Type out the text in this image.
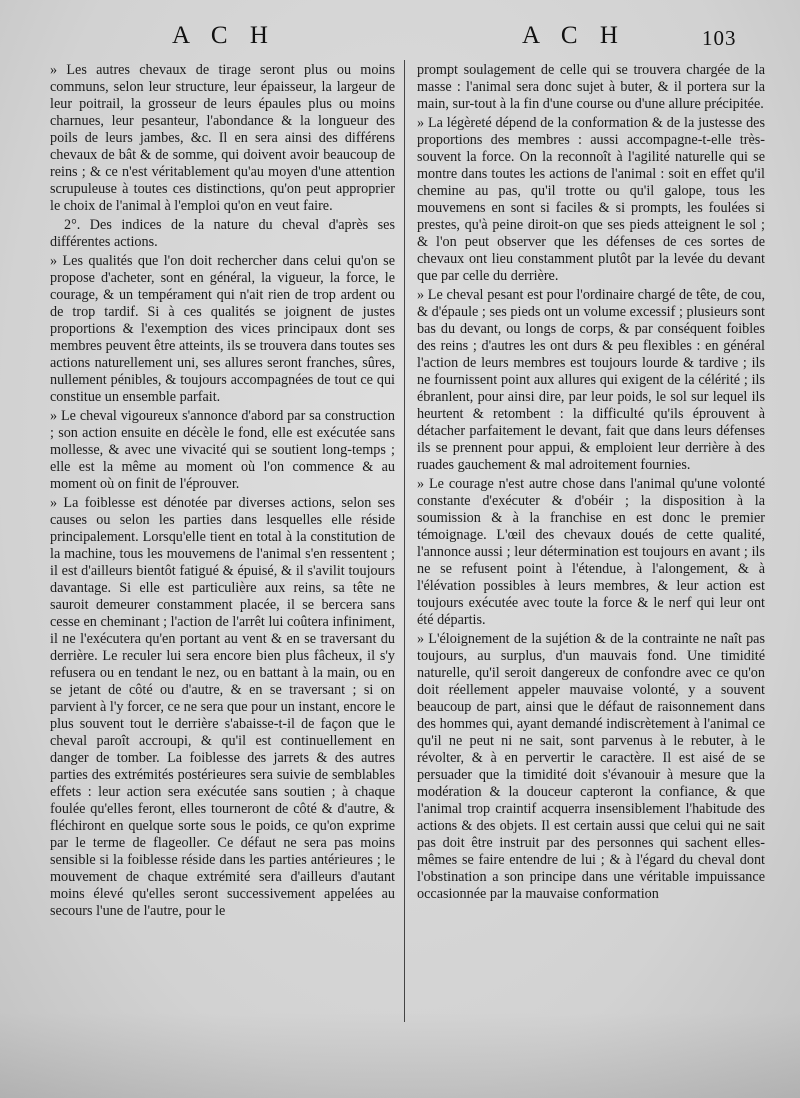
A C H	A C H	103

» Les autres chevaux de tirage seront plus ou moins communs, selon leur structure, leur épaisseur, la largeur de leur poitrail, la grosseur de leurs épaules plus ou moins charnues, leur pesanteur, l'abondance & la longueur des poils de leurs jambes, &c. Il en sera ainsi des différens chevaux de bât & de somme, qui doivent avoir beaucoup de reins ; & ce n'est véritablement qu'au moyen d'une attention scrupuleuse à toutes ces distinctions, qu'on peut approprier le choix de l'animal à l'emploi qu'on en veut faire.

2°. Des indices de la nature du cheval d'après ses différentes actions.

» Les qualités que l'on doit rechercher dans celui qu'on se propose d'acheter, sont en général, la vigueur, la force, le courage, & un tempérament qui n'ait rien de trop ardent ou de trop tardif. Si à ces qualités se joignent de justes proportions & l'exemption des vices principaux dont ses membres peuvent être atteints, ils se trouvera dans toutes ses actions naturellement uni, ses allures seront franches, sûres, nullement pénibles, & toujours accompagnées de tout ce qui constitue un ensemble parfait.

» Le cheval vigoureux s'annonce d'abord par sa construction ; son action ensuite en décèle le fond, elle est exécutée sans mollesse, & avec une vivacité qui se soutient long-temps ; elle est la même au moment où l'on commence & au moment où on finit de l'éprouver.

» La foiblesse est dénotée par diverses actions, selon ses causes ou selon les parties dans lesquelles elle réside principalement. Lorsqu'elle tient en total à la constitution de la machine, tous les mouvemens de l'animal s'en ressentent ; il est d'ailleurs bientôt fatigué & épuisé, & il s'avilit toujours davantage. Si elle est particulière aux reins, sa tête ne sauroit demeurer constamment placée, il se bercera sans cesse en cheminant ; l'action de l'arrêt lui coûtera infiniment, il ne l'exécutera qu'en portant au vent & en se traversant du derrière. Le reculer lui sera encore bien plus fâcheux, il s'y refusera ou en tendant le nez, ou en battant à la main, ou en se jetant de côté ou d'autre, & en se traversant ; si on parvient à l'y forcer, ce ne sera que pour un instant, encore le plus souvent tout le derrière s'abaisse-t-il de façon que le cheval paroît accroupi, & qu'il est continuellement en danger de tomber. La foiblesse des jarrets & des autres parties des extrémités postérieures sera suivie de semblables effets : leur action sera exécutée sans soutien ; à chaque foulée qu'elles feront, elles tourneront de côté & d'autre, & fléchiront en quelque sorte sous le poids, ce qu'on exprime par le terme de flageoller. Ce défaut ne sera pas moins sensible si la foiblesse réside dans les parties antérieures ; le mouvement de chaque extrémité sera d'ailleurs d'autant moins élevé qu'elles seront successivement appelées au secours l'une de l'autre, pour le

prompt soulagement de celle qui se trouvera chargée de la masse : l'animal sera donc sujet à buter, & il portera sur la main, sur-tout à la fin d'une course ou d'une allure précipitée.

» La légèreté dépend de la conformation & de la justesse des proportions des membres : aussi accompagne-t-elle très-souvent la force. On la reconnoît à l'agilité naturelle qui se montre dans toutes les actions de l'animal : soit en effet qu'il chemine au pas, qu'il trotte ou qu'il galope, tous les mouvemens en sont si faciles & si prompts, les foulées si prestes, qu'à peine diroit-on que ses pieds atteignent le sol ; & l'on peut observer que les défenses de ces sortes de chevaux ont lieu constamment plutôt par la levée du devant que par celle du derrière.

» Le cheval pesant est pour l'ordinaire chargé de tête, de cou, & d'épaule ; ses pieds ont un volume excessif ; plusieurs sont bas du devant, ou longs de corps, & par conséquent foibles des reins ; d'autres les ont durs & peu flexibles : en général l'action de leurs membres est toujours lourde & tardive ; ils ne fournissent point aux allures qui exigent de la célérité ; ils ébranlent, pour ainsi dire, par leur poids, le sol sur lequel ils heurtent & retombent : la difficulté qu'ils éprouvent à détacher parfaitement le devant, fait que dans leurs défenses ils se prennent pour appui, & emploient leur derrière à des ruades gauchement & mal adroitement fournies.

» Le courage n'est autre chose dans l'animal qu'une volonté constante d'exécuter & d'obéir ; la disposition à la soumission & à la franchise en est donc le premier témoignage. L'œil des chevaux doués de cette qualité, l'annonce aussi ; leur détermination est toujours en avant ; ils ne se refusent point à l'étendue, à l'alongement, & à l'élévation possibles à leurs membres, & leur action est toujours exécutée avec toute la force & le nerf qui leur ont été départis.

» L'éloignement de la sujétion & de la contrainte ne naît pas toujours, au surplus, d'un mauvais fond. Une timidité naturelle, qu'il seroit dangereux de confondre avec ce qu'on doit réellement appeler mauvaise volonté, y a souvent beaucoup de part, ainsi que le défaut de raisonnement dans des hommes qui, ayant demandé indiscrètement à l'animal ce qu'il ne peut ni ne sait, sont parvenus à le rebuter, à le révolter, & à en pervertir le caractère. Il est aisé de se persuader que la timidité doit s'évanouir à mesure que la modération & la douceur capteront la confiance, & que l'animal trop craintif acquerra insensiblement l'habitude des actions & des objets. Il est certain aussi que celui qui ne sait pas doit être instruit par des personnes qui sachent elles-mêmes se faire entendre de lui ; & à l'égard du cheval dont l'obstination a son principe dans une véritable impuissance occasionnée par la mauvaise conformation
